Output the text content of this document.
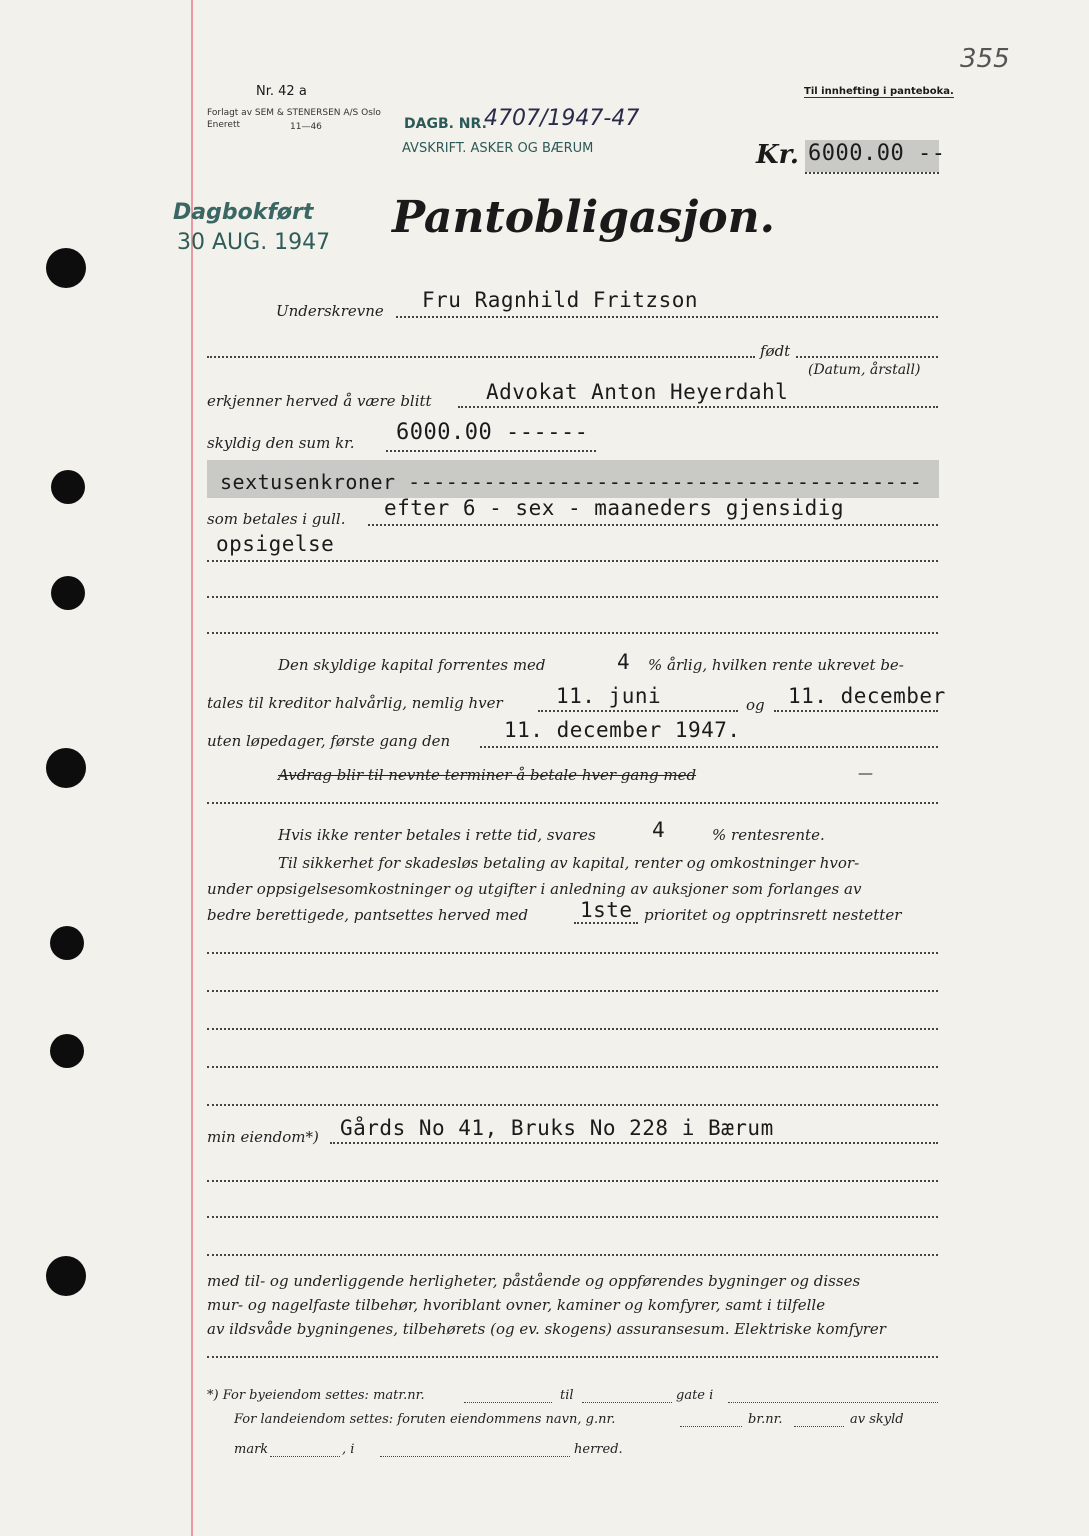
Nr. 42 a
Forlagt av SEM & STENERSEN A/S Oslo
Enerett	11—46
Til innhefting i panteboka.
355
DAGB. NR.
4707/1947-47
AVSKRIFT. ASKER OG BÆRUM
Dagbokført
30 AUG. 1947
Kr. 6000.00 --
Pantobligasjon.
Underskrevne Fru Ragnhild Fritzson
født
(Datum, årstall)
erkjenner herved å være blitt	Advokat Anton Heyerdahl
skyldig den sum kr. 6000.00 ------
sextusenkroner -----------------------------------------
som betales i gull. efter 6 - sex - maaneders gjensidig
opsigelse
Den skyldige kapital forrentes med	4 % årlig, hvilken rente ukrevet be-
tales til kreditor halvårlig, nemlig hver	11. juni	og 11. december
uten løpedager, første gang den	11. december 1947.
Avdrag blir til nevnte terminer å betale hver gang med	—
Hvis ikke renter betales i rette tid, svares	4	% rentesrente.
Til sikkerhet for skadesløs betaling av kapital, renter og omkostninger hvor-
under oppsigelsesomkostninger og utgifter i anledning av auksjoner som forlanges av
bedre berettigede, pantsettes herved med 1ste prioritet og opptrinsrett nestetter
min eiendom*) Gårds No 41, Bruks No 228 i Bærum
med til- og underliggende herligheter, påstående og oppførendes bygninger og disses
mur- og nagelfaste tilbehør, hvoriblant ovner, kaminer og komfyrer, samt i tilfelle
av ildsvåde bygningenes, tilbehørets (og ev. skogens) assuransesum. Elektriske komfyrer
*) For byeiendom settes: matr.nr.	til	gate i
For landeiendom settes: foruten eiendommens navn, g.nr.	br.nr.	av skyld
mark	, i	herred.
